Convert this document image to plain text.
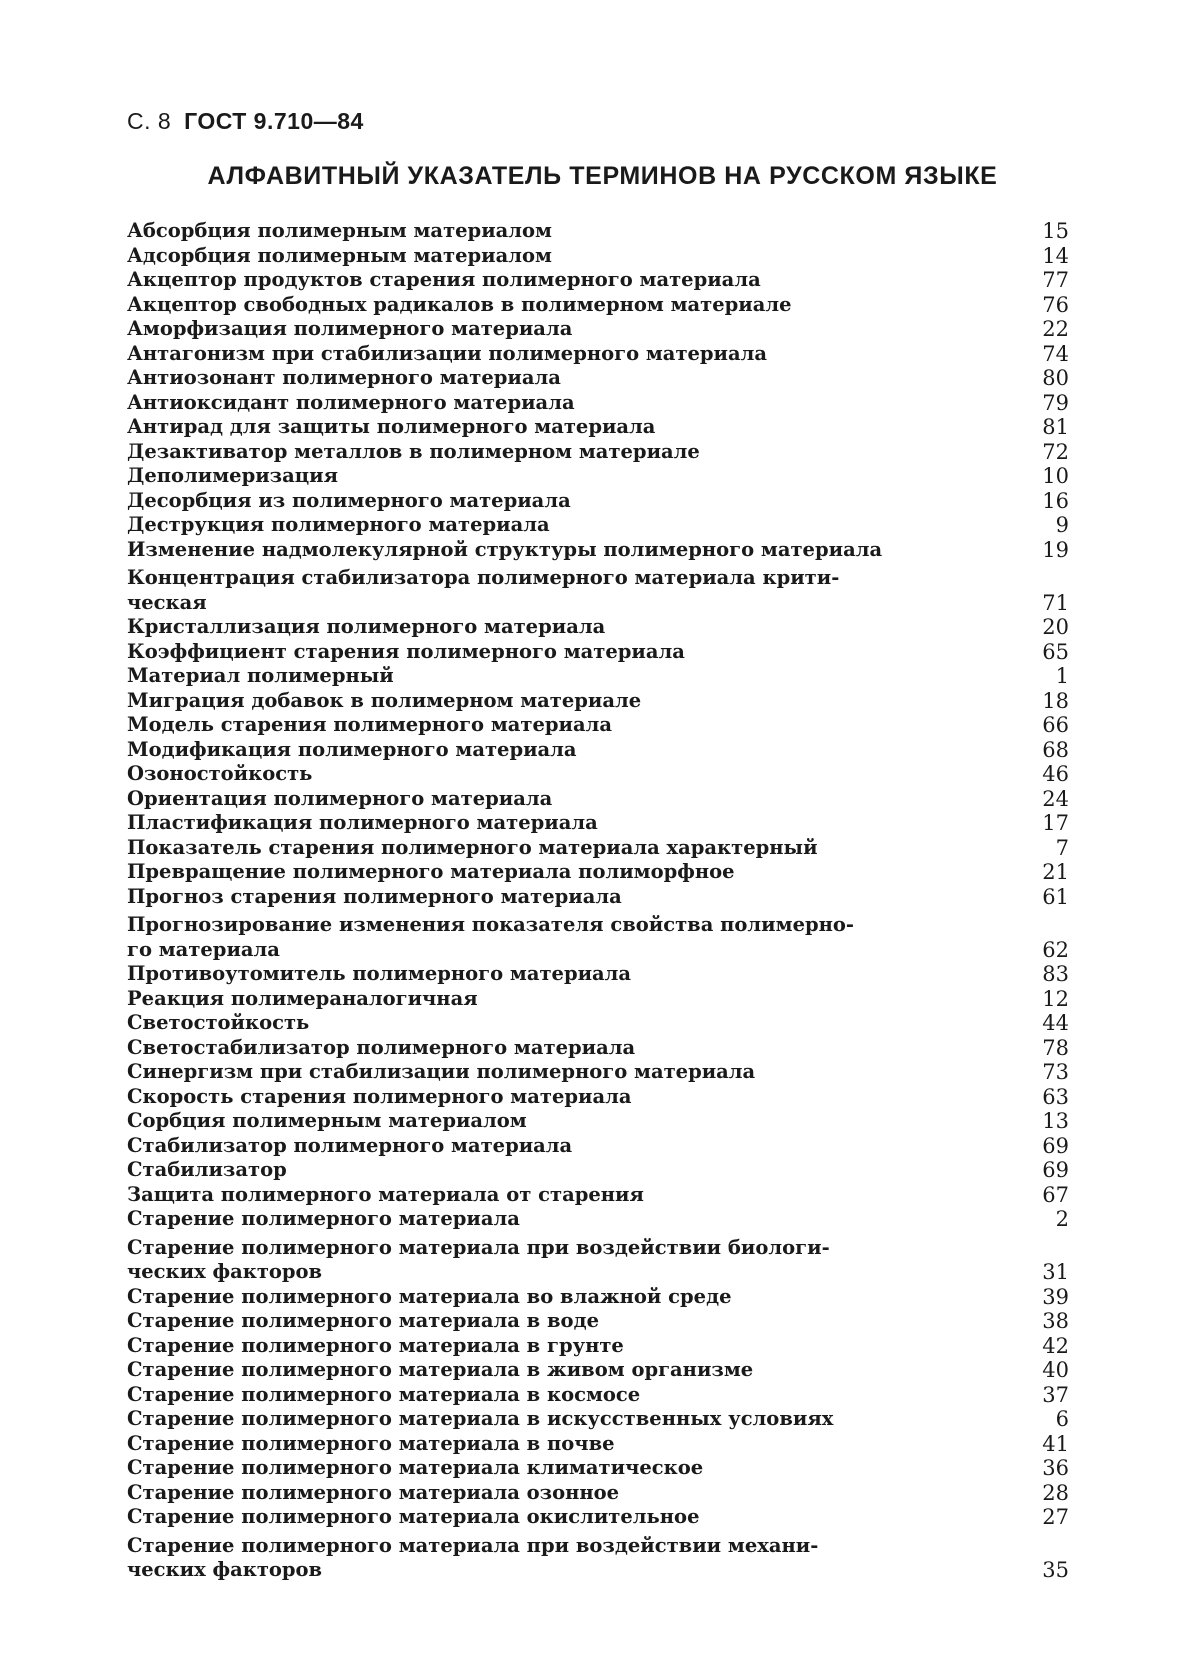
С. 8 ГОСТ 9.710—84
АЛФАВИТНЫЙ УКАЗАТЕЛЬ ТЕРМИНОВ НА РУССКОМ ЯЗЫКЕ
Абсорбция полимерным материалом	15
Адсорбция полимерным материалом	14
Акцептор продуктов старения полимерного материала	77
Акцептор свободных радикалов в полимерном материале	76
Аморфизация полимерного материала	22
Антагонизм при стабилизации полимерного материала	74
Антиозонант полимерного материала	80
Антиоксидант полимерного материала	79
Антирад для защиты полимерного материала	81
Дезактиватор металлов в полимерном материале	72
Деполимеризация	10
Десорбция из полимерного материала	16
Деструкция полимерного материала	9
Изменение надмолекулярной структуры полимерного материала	19
Концентрация стабилизатора полимерного материала крити-
ческая	71
Кристаллизация полимерного материала	20
Коэффициент старения полимерного материала	65
Материал полимерный	1
Миграция добавок в полимерном материале	18
Модель старения полимерного материала	66
Модификация полимерного материала	68
Озоностойкость	46
Ориентация полимерного материала	24
Пластификация полимерного материала	17
Показатель старения полимерного материала характерный	7
Превращение полимерного материала полиморфное	21
Прогноз старения полимерного материала	61
Прогнозирование изменения показателя свойства полимерно-
го материала	62
Противоутомитель полимерного материала	83
Реакция полимераналогичная	12
Светостойкость	44
Светостабилизатор полимерного материала	78
Синергизм при стабилизации полимерного материала	73
Скорость старения полимерного материала	63
Сорбция полимерным материалом	13
Стабилизатор полимерного материала	69
Стабилизатор	69
Защита полимерного материала от старения	67
Старение полимерного материала	2
Старение полимерного материала при воздействии биологи-
ческих факторов	31
Старение полимерного материала во влажной среде	39
Старение полимерного материала в воде	38
Старение полимерного материала в грунте	42
Старение полимерного материала в живом организме	40
Старение полимерного материала в космосе	37
Старение полимерного материала в искусственных условиях	6
Старение полимерного материала в почве	41
Старение полимерного материала климатическое	36
Старение полимерного материала озонное	28
Старение полимерного материала окислительное	27
Старение полимерного материала при воздействии механи-
ческих факторов	35
